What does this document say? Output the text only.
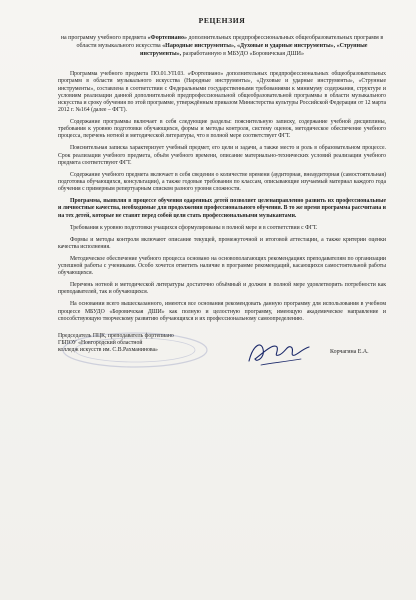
РЕЦЕНЗИЯ
на программу учебного предмета «Фортепиано» дополнительных предпрофессиональных общеобразовательных программ в области музыкального искусства «Народные инструменты», «Духовые и ударные инструменты», «Струнные инструменты», разработанную в МБУДО «Боровичская ДШИ»

Программа учебного предмета ПО.01.УП.03. «Фортепиано» дополнительных предпрофессиональных общеобразовательных программ в области музыкального искусства (Народные инструменты», «Духовые и ударные инструменты», «Струнные инструменты», составлена в соответствии с Федеральными государственными требованиями к минимуму содержания, структуре и условиям реализации данной дополнительной предпрофессиональной общеобразовательной программы в области музыкального искусства и сроку обучения по этой программе, утверждённым приказом Министерства культуры Российской Федерации от 12 марта 2012 г. №164 (далее – ФГТ).

Содержание программы включает в себя следующие разделы: пояснительную записку, содержание учебной дисциплины, требования к уровню подготовки обучающихся, формы и методы контроля, систему оценок, методическое обеспечение учебного процесса, перечень нотной и методической литературы, что в полной мере соответствует ФГТ.

Пояснительная записка характеризует учебный предмет, его цели и задачи, а также место и роль в образовательном процессе. Срок реализации учебного предмета, объём учебного времени, описание материально-технических условий реализации учебного предмета соответствуют ФГТ.

Содержание учебного предмета включает в себя сведения о количестве времени (аудиторная, внеаудиторная (самостоятельная) подготовка обучающихся, консультации), а также годовые требования по классам, описывающие изучаемый материал каждого года обучения с примерным репертуарным списком разного уровня сложности.

Программа, выявляя в процессе обучения одаренных детей позволяет целенаправленно развить их профессиональные и личностные качества, необходимые для продолжения профессионального обучения. В то же время программа рассчитана и на тех детей, которые не ставят перед собой цели стать профессиональными музыкантами.

Требования к уровню подготовки учащихся сформулированы в полной мере и в соответствии с ФГТ.

Формы и методы контроля включают описание текущей, промежуточной и итоговой аттестации, а также критерии оценки качества исполнения.

Методическое обеспечение учебного процесса основано на основополагающих рекомендациях преподавателям по организации успешной работы с учениками. Особо хочется отметить наличие в программе рекомендаций, касающихся самостоятельной работы обучающихся.

Перечень нотной и методической литературы достаточно объёмный и должен в полной мере удовлетворить потребности как преподавателей, так и обучающихся.

На основании всего вышесказанного, имеются все основания рекомендовать данную программу для использования в учебном процессе МБУДО «Боровичская ДШИ» как полную и целостную программу, имеющую академическое направление и способствующую творческому развитию обучающихся и их профессиональному самоопределению.

Председатель ПЦК, преподаватель фортепиано
ГБПОУ «Новгородский областной
колледж искусств им. С.В.Рахманинова»	Корчагина Е.А.
